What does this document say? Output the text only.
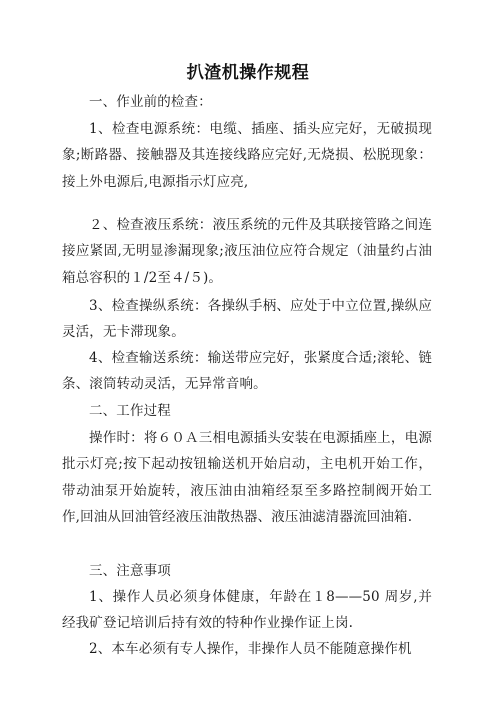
扒渣机操作规程
一、作业前的检查：
1、检查电源系统：电缆、插座、插头应完好，无破损现象;断路器、接触器及其连接线路应完好,无烧损、松脱现象：接上外电源后,电源指示灯应亮,
２、检查液压系统：液压系统的元件及其联接管路之间连接应紧固,无明显渗漏现象;液压油位应符合规定（油量约占油箱总容积的１/2至４/５)。
3、检查操纵系统：各操纵手柄、应处于中立位置,操纵应灵活，无卡滞现象。
4、检查输送系统：输送带应完好，张紧度合适;滚轮、链条、滚筒转动灵活，无异常音响。
二、工作过程
操作时：将６０Ａ三相电源插头安装在电源插座上，电源批示灯亮;按下起动按钮输送机开始启动，主电机开始工作，带动油泵开始旋转，液压油由油箱经泵至多路控制阀开始工作,回油从回油管经液压油散热器、液压油滤清器流回油箱.
三、注意事项
1、操作人员必须身体健康，年龄在１8——50 周岁,并经我矿登记培训后持有效的特种作业操作证上岗.
2、本车必须有专人操作，非操作人员不能随意操作机
